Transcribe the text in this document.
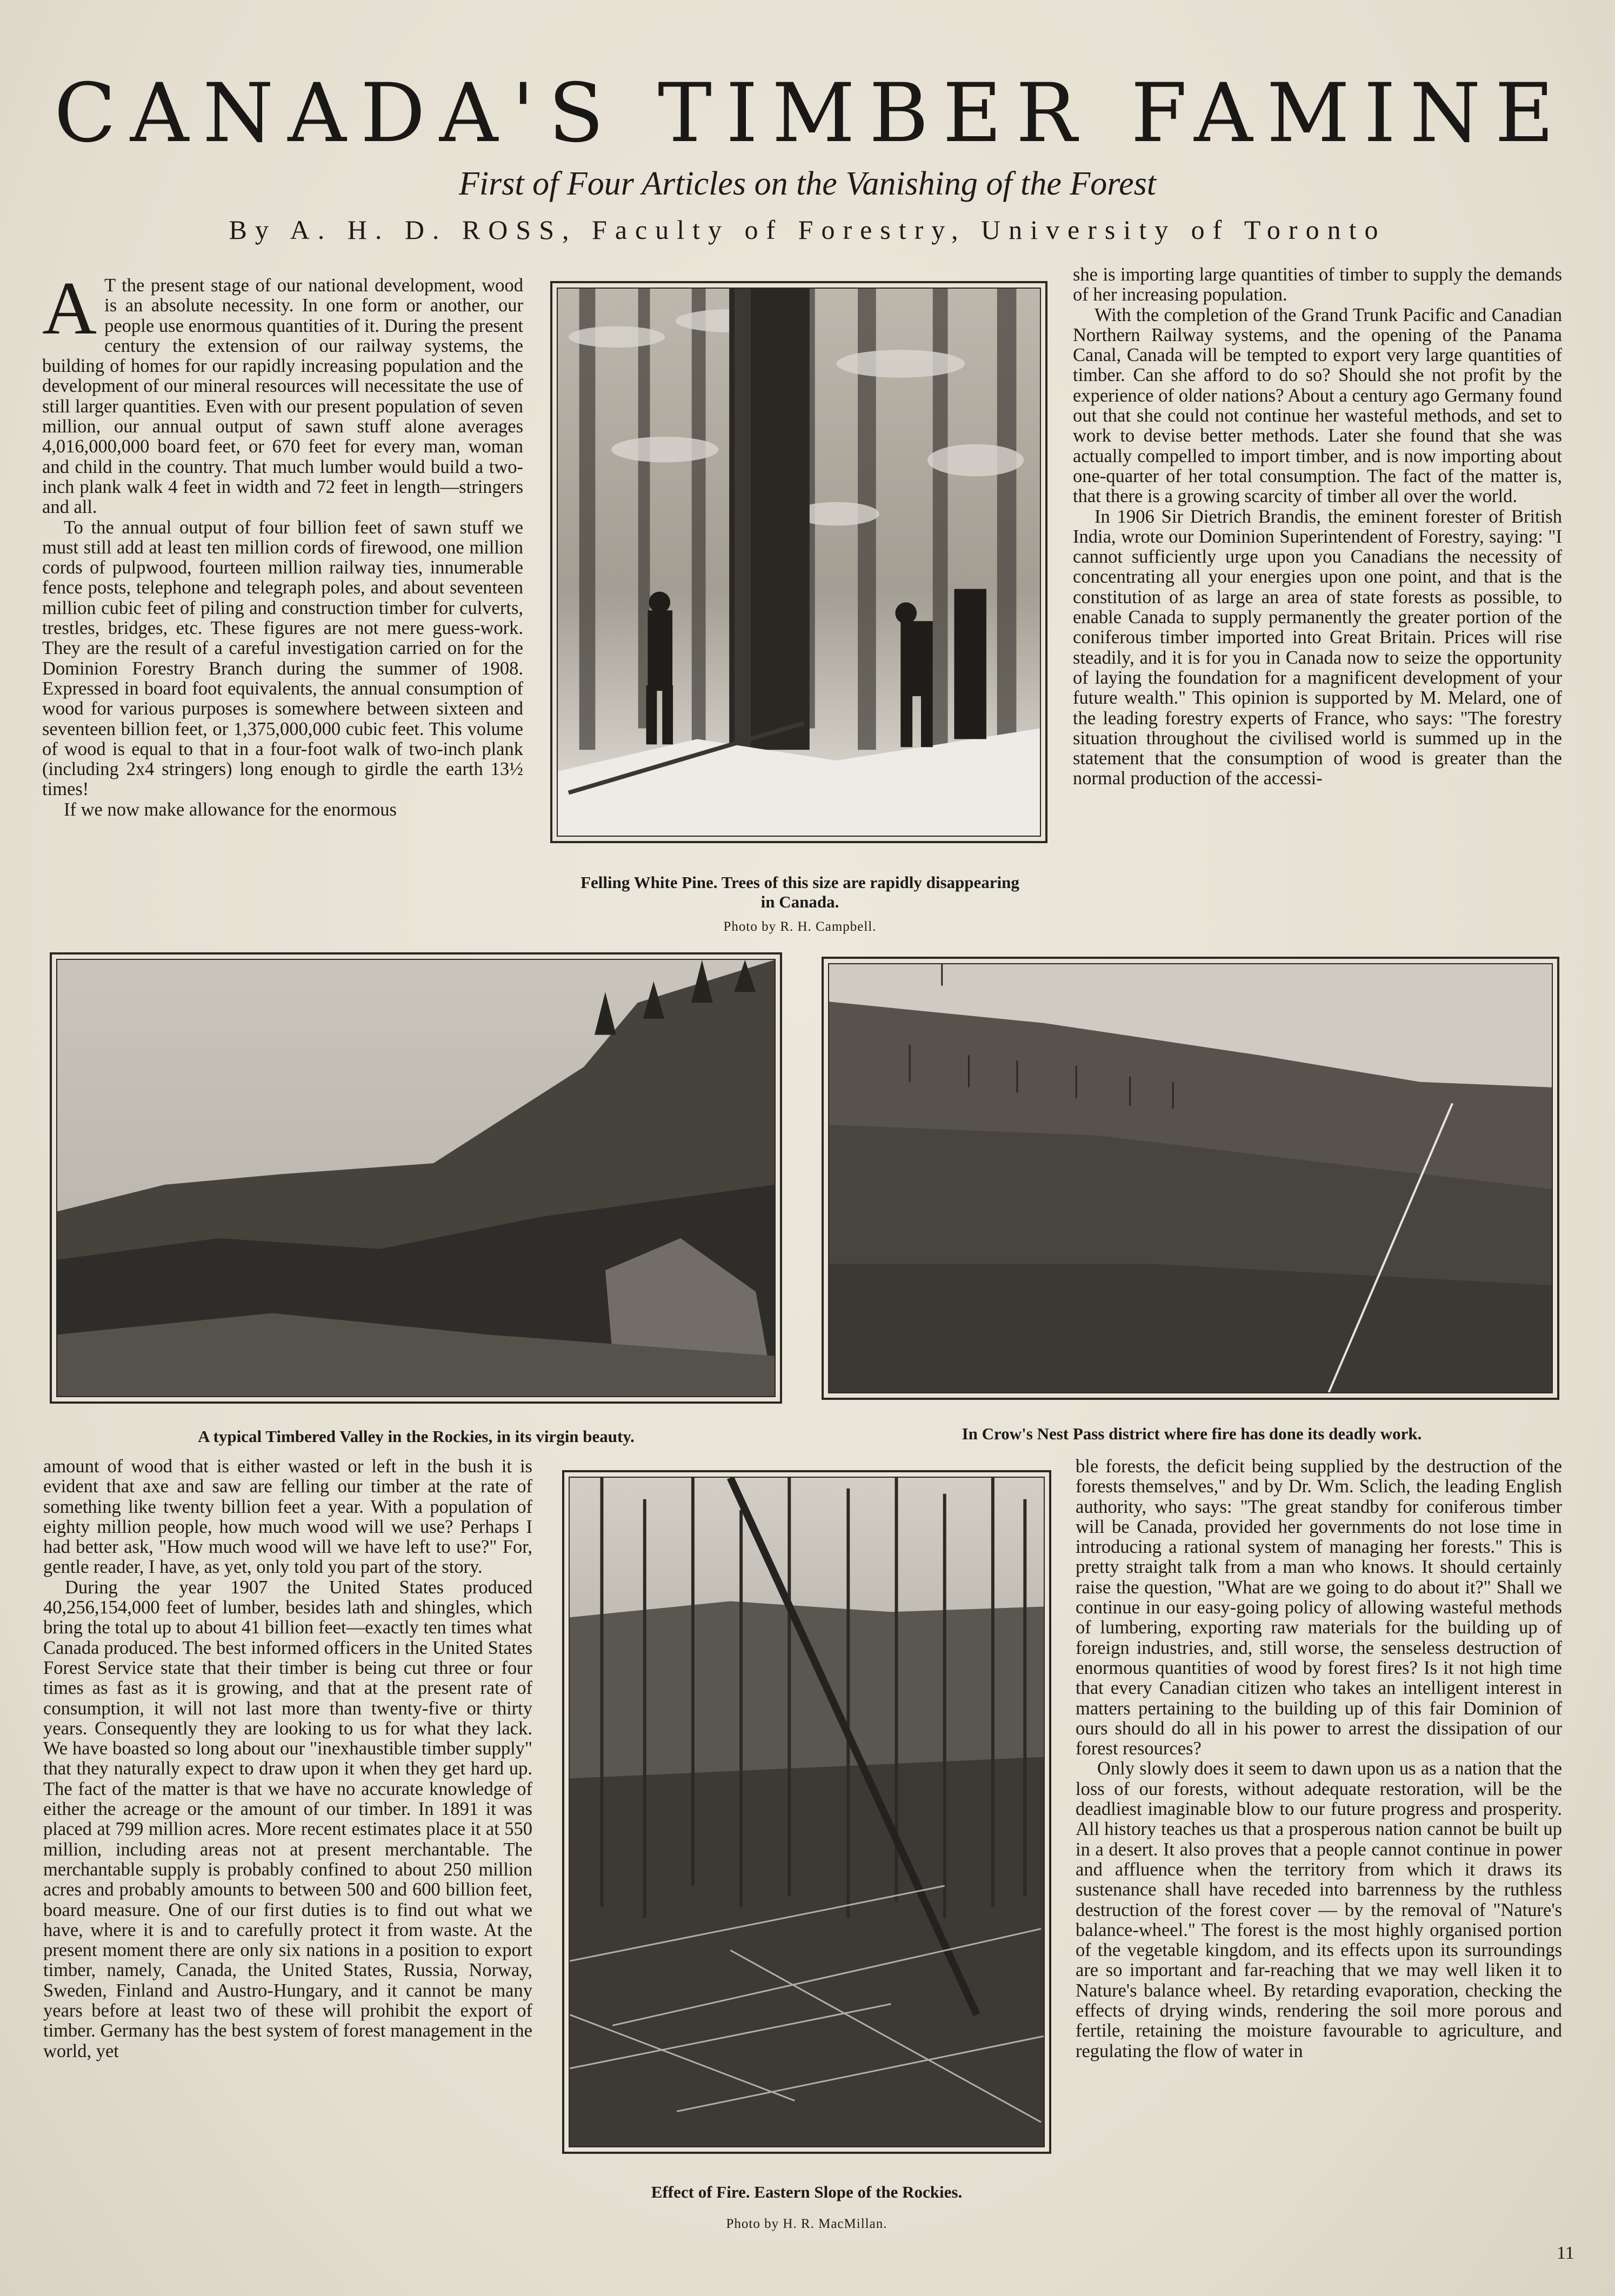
CANADA'S TIMBER FAMINE
First of Four Articles on the Vanishing of the Forest
By A. H. D. ROSS, Faculty of Forestry, University of Toronto

A T the present stage of our national development, wood is an absolute necessity. In one form or another, our people use enormous quantities of it. During the present century the extension of our railway systems, the building of homes for our rapidly increasing population and the development of our mineral resources will necessitate the use of still larger quantities. Even with our present population of seven million, our annual output of sawn stuff alone averages 4,016,000,000 board feet, or 670 feet for every man, woman and child in the country. That much lumber would build a two-inch plank walk 4 feet in width and 72 feet in length—stringers and all.

To the annual output of four billion feet of sawn stuff we must still add at least ten million cords of firewood, one million cords of pulpwood, fourteen million railway ties, innumerable fence posts, telephone and telegraph poles, and about seventeen million cubic feet of piling and construction timber for culverts, trestles, bridges, etc. These figures are not mere guess-work. They are the result of a careful investigation carried on for the Dominion Forestry Branch during the summer of 1908. Expressed in board foot equivalents, the annual consumption of wood for various purposes is somewhere between sixteen and seventeen billion feet, or 1,375,000,000 cubic feet. This volume of wood is equal to that in a four-foot walk of two-inch plank (including 2x4 stringers) long enough to girdle the earth 13½ times!

If we now make allowance for the enormous

Felling White Pine. Trees of this size are rapidly disappearing in Canada.
Photo by R. H. Campbell.

she is importing large quantities of timber to supply the demands of her increasing population.

With the completion of the Grand Trunk Pacific and Canadian Northern Railway systems, and the opening of the Panama Canal, Canada will be tempted to export very large quantities of timber. Can she afford to do so? Should she not profit by the experience of older nations? About a century ago Germany found out that she could not continue her wasteful methods, and set to work to devise better methods. Later she found that she was actually compelled to import timber, and is now importing about one-quarter of her total consumption. The fact of the matter is, that there is a growing scarcity of timber all over the world.

In 1906 Sir Dietrich Brandis, the eminent forester of British India, wrote our Dominion Superintendent of Forestry, saying: "I cannot sufficiently urge upon you Canadians the necessity of concentrating all your energies upon one point, and that is the constitution of as large an area of state forests as possible, to enable Canada to supply permanently the greater portion of the coniferous timber imported into Great Britain. Prices will rise steadily, and it is for you in Canada now to seize the opportunity of laying the foundation for a magnificent development of your future wealth." This opinion is supported by M. Melard, one of the leading forestry experts of France, who says: "The forestry situation throughout the civilised world is summed up in the statement that the consumption of wood is greater than the normal production of the accessi-

A typical Timbered Valley in the Rockies, in its virgin beauty.	In Crow's Nest Pass district where fire has done its deadly work.

amount of wood that is either wasted or left in the bush it is evident that axe and saw are felling our timber at the rate of something like twenty billion feet a year. With a population of eighty million people, how much wood will we use? Perhaps I had better ask, "How much wood will we have left to use?" For, gentle reader, I have, as yet, only told you part of the story.

During the year 1907 the United States produced 40,256,154,000 feet of lumber, besides lath and shingles, which bring the total up to about 41 billion feet—exactly ten times what Canada produced. The best informed officers in the United States Forest Service state that their timber is being cut three or four times as fast as it is growing, and that at the present rate of consumption, it will not last more than twenty-five or thirty years. Consequently they are looking to us for what they lack. We have boasted so long about our "inexhaustible timber supply" that they naturally expect to draw upon it when they get hard up. The fact of the matter is that we have no accurate knowledge of either the acreage or the amount of our timber. In 1891 it was placed at 799 million acres. More recent estimates place it at 550 million, including areas not at present merchantable. The merchantable supply is probably confined to about 250 million acres and probably amounts to between 500 and 600 billion feet, board measure. One of our first duties is to find out what we have, where it is and to carefully protect it from waste. At the present moment there are only six nations in a position to export timber, namely, Canada, the United States, Russia, Norway, Sweden, Finland and Austro-Hungary, and it cannot be many years before at least two of these will prohibit the export of timber. Germany has the best system of forest management in the world, yet

Effect of Fire. Eastern Slope of the Rockies.
Photo by H. R. MacMillan.

ble forests, the deficit being supplied by the destruction of the forests themselves," and by Dr. Wm. Sclich, the leading English authority, who says: "The great standby for coniferous timber will be Canada, provided her governments do not lose time in introducing a rational system of managing her forests." This is pretty straight talk from a man who knows. It should certainly raise the question, "What are we going to do about it?" Shall we continue in our easy-going policy of allowing wasteful methods of lumbering, exporting raw materials for the building up of foreign industries, and, still worse, the senseless destruction of enormous quantities of wood by forest fires? Is it not high time that every Canadian citizen who takes an intelligent interest in matters pertaining to the building up of this fair Dominion of ours should do all in his power to arrest the dissipation of our forest resources?

Only slowly does it seem to dawn upon us as a nation that the loss of our forests, without adequate restoration, will be the deadliest imaginable blow to our future progress and prosperity. All history teaches us that a prosperous nation cannot be built up in a desert. It also proves that a people cannot continue in power and affluence when the territory from which it draws its sustenance shall have receded into barrenness by the ruthless destruction of the forest cover — by the removal of "Nature's balance-wheel." The forest is the most highly organised portion of the vegetable kingdom, and its effects upon its surroundings are so important and far-reaching that we may well liken it to Nature's balance wheel. By retarding evaporation, checking the effects of drying winds, rendering the soil more porous and fertile, retaining the moisture favourable to agriculture, and regulating the flow of water in

11
